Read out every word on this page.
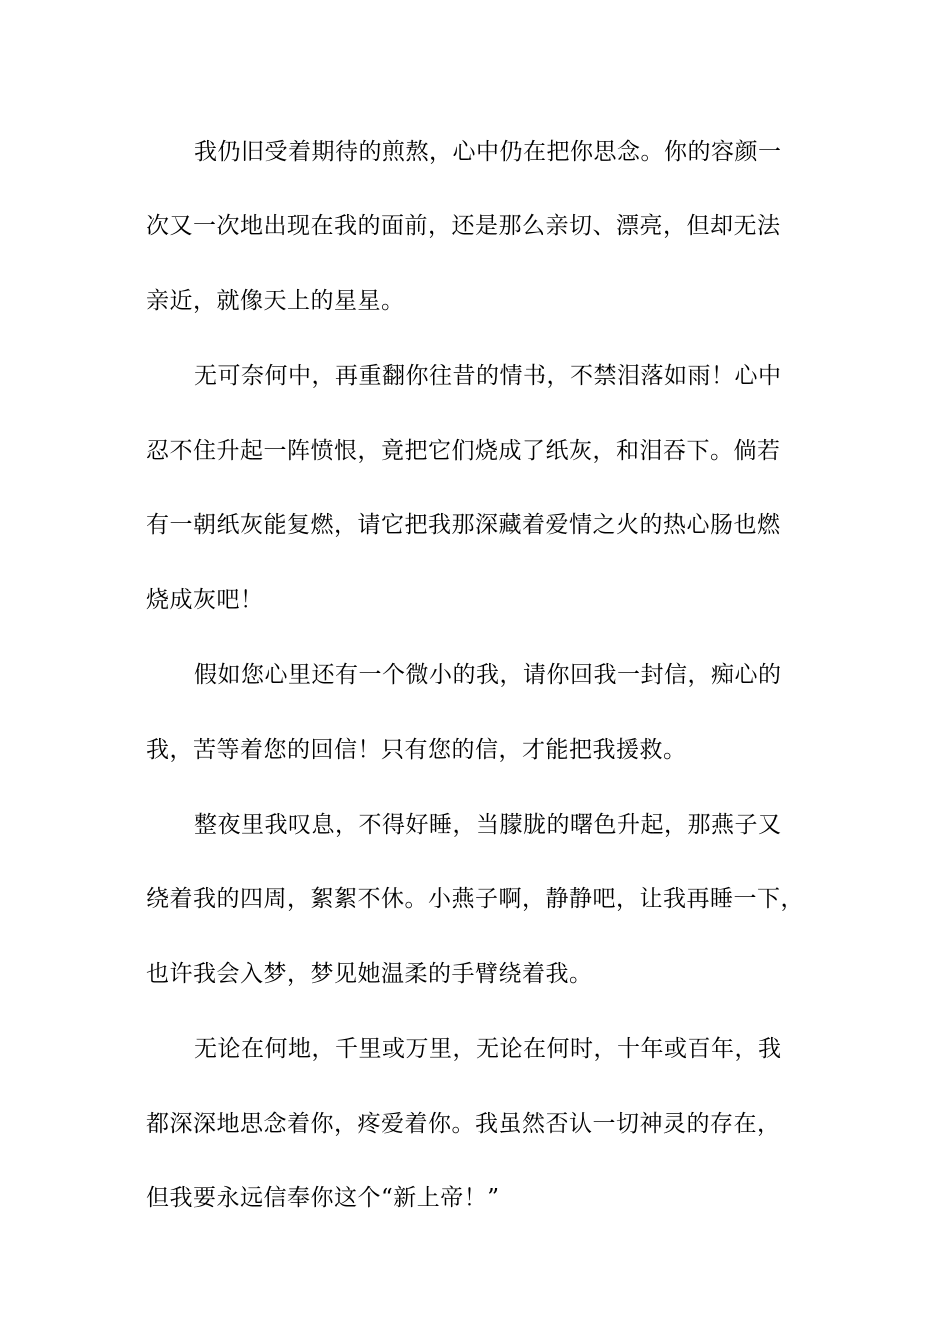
我仍旧受着期待的煎熬，心中仍在把你思念。你的容颜一
次又一次地出现在我的面前，还是那么亲切、漂亮，但却无法
亲近，就像天上的星星。
无可奈何中，再重翻你往昔的情书，不禁泪落如雨！心中
忍不住升起一阵愤恨，竟把它们烧成了纸灰，和泪吞下。倘若
有一朝纸灰能复燃，请它把我那深藏着爱情之火的热心肠也燃
烧成灰吧！
假如您心里还有一个微小的我，请你回我一封信，痴心的
我，苦等着您的回信！只有您的信，才能把我援救。
整夜里我叹息，不得好睡，当朦胧的曙色升起，那燕子又
绕着我的四周，絮絮不休。小燕子啊，静静吧，让我再睡一下，
也许我会入梦，梦见她温柔的手臂绕着我。
无论在何地，千里或万里，无论在何时，十年或百年，我
都深深地思念着你，疼爱着你。我虽然否认一切神灵的存在，
但我要永远信奉你这个“新上帝！”
